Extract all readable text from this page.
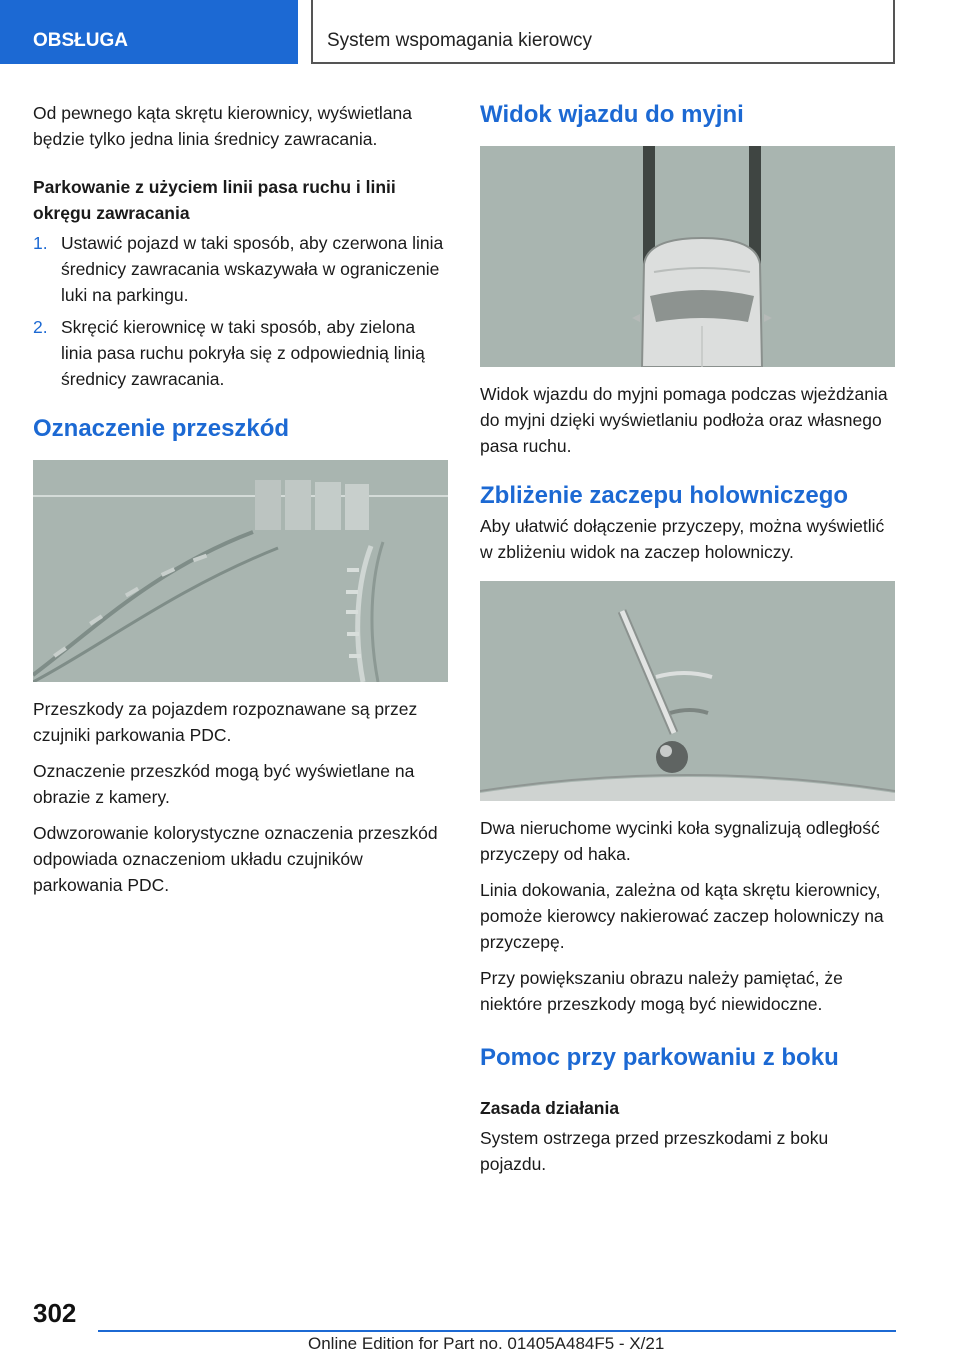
OBSŁUGA	System wspomagania kierowcy

Od pewnego kąta skrętu kierownicy, wyświetlana będzie tylko jedna linia średnicy zawracania.

Parkowanie z użyciem linii pasa ruchu i linii okręgu zawracania
1. Ustawić pojazd w taki sposób, aby czerwona linia średnicy zawracania wskazywała w ograniczenie luki na parkingu.
2. Skręcić kierownicę w taki sposób, aby zielona linia pasa ruchu pokryła się z odpowiednią linią średnicy zawracania.
Oznaczenie przeszkód

Przeszkody za pojazdem rozpoznawane są przez czujniki parkowania PDC.

Oznaczenie przeszkód mogą być wyświetlane na obrazie z kamery.

Odwzorowanie kolorystyczne oznaczenia przeszkód odpowiada oznaczeniom układu czujników parkowania PDC.

Widok wjazdu do myjni

Widok wjazdu do myjni pomaga podczas wjeżdżania do myjni dzięki wyświetlaniu podłoża oraz własnego pasa ruchu.

Zbliżenie zaczepu holowniczego

Aby ułatwić dołączenie przyczepy, można wyświetlić w zbliżeniu widok na zaczep holowniczy.

Dwa nieruchome wycinki koła sygnalizują odległość przyczepy od haka.

Linia dokowania, zależna od kąta skrętu kierownicy, pomoże kierowcy nakierować zaczep holowniczy na przyczepę.

Przy powiększaniu obrazu należy pamiętać, że niektóre przeszkody mogą być niewidoczne.

Pomoc przy parkowaniu z boku
Zasada działania

System ostrzega przed przeszkodami z boku pojazdu.

302
Online Edition for Part no. 01405A484F5 - X/21
